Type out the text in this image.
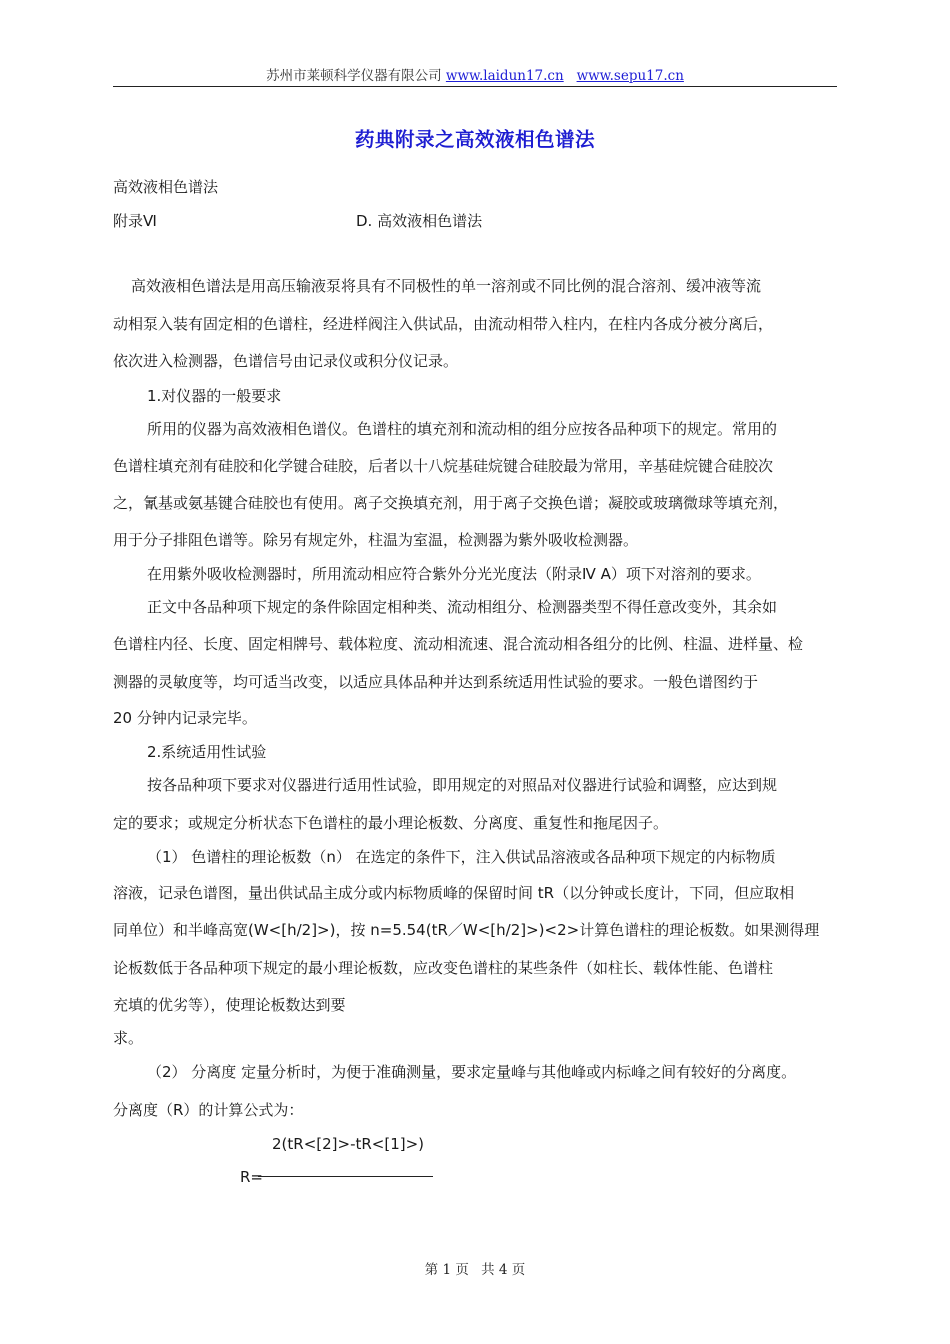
苏州市莱顿科学仪器有限公司 www.laidun17.cn www.sepu17.cn
药典附录之高效液相色谱法
高效液相色谱法
附录Ⅵ	D. 高效液相色谱法
高效液相色谱法是用高压输液泵将具有不同极性的单一溶剂或不同比例的混合溶剂、缓冲液等流
动相泵入装有固定相的色谱柱，经进样阀注入供试品，由流动相带入柱内，在柱内各成分被分离后，
依次进入检测器，色谱信号由记录仪或积分仪记录。
1.对仪器的一般要求
所用的仪器为高效液相色谱仪。色谱柱的填充剂和流动相的组分应按各品种项下的规定。常用的
色谱柱填充剂有硅胶和化学键合硅胶，后者以十八烷基硅烷键合硅胶最为常用，辛基硅烷键合硅胶次
之，氰基或氨基键合硅胶也有使用。离子交换填充剂，用于离子交换色谱；凝胶或玻璃微球等填充剂，
用于分子排阻色谱等。除另有规定外，柱温为室温，检测器为紫外吸收检测器。
在用紫外吸收检测器时，所用流动相应符合紫外分光光度法（附录Ⅳ A）项下对溶剂的要求。
正文中各品种项下规定的条件除固定相种类、流动相组分、检测器类型不得任意改变外，其余如
色谱柱内径、长度、固定相牌号、载体粒度、流动相流速、混合流动相各组分的比例、柱温、进样量、检
测器的灵敏度等，均可适当改变，以适应具体品种并达到系统适用性试验的要求。一般色谱图约于
20 分钟内记录完毕。
2.系统适用性试验
按各品种项下要求对仪器进行适用性试验，即用规定的对照品对仪器进行试验和调整，应达到规
定的要求；或规定分析状态下色谱柱的最小理论板数、分离度、重复性和拖尾因子。
（1） 色谱柱的理论板数（n） 在选定的条件下，注入供试品溶液或各品种项下规定的内标物质
溶液，记录色谱图，量出供试品主成分或内标物质峰的保留时间 tR（以分钟或长度计，下同，但应取相
同单位）和半峰高宽(W<[h/2]>)，按 n=5.54(tR／W<[h/2]>)<2>计算色谱柱的理论板数。如果测得理
论板数低于各品种项下规定的最小理论板数，应改变色谱柱的某些条件（如柱长、载体性能、色谱柱
充填的优劣等），使理论板数达到要
求。
（2） 分离度 定量分析时，为便于准确测量，要求定量峰与其他峰或内标峰之间有较好的分离度。
分离度（R）的计算公式为：
2(tR<[2]>-tR<[1]>)
R=
第 1 页 共 4 页
